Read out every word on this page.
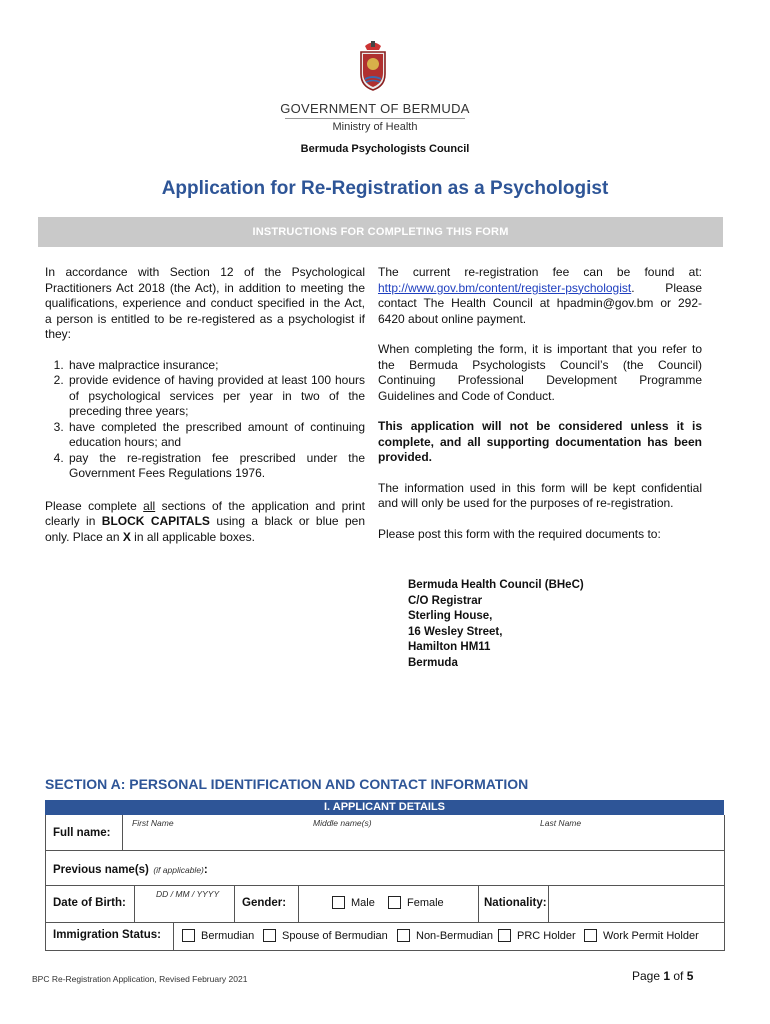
GOVERNMENT OF BERMUDA
Ministry of Health
Bermuda Psychologists Council
Application for Re-Registration as a Psychologist
INSTRUCTIONS FOR COMPLETING THIS FORM

In accordance with Section 12 of the Psychological Practitioners Act 2018 (the Act), in addition to meeting the qualifications, experience and conduct specified in the Act, a person is entitled to be re-registered as a psychologist if they:

1. have malpractice insurance;
2. provide evidence of having provided at least 100 hours of psychological services per year in two of the preceding three years;
3. have completed the prescribed amount of continuing education hours; and
4. pay the re-registration fee prescribed under the Government Fees Regulations 1976.

Please complete all sections of the application and print clearly in BLOCK CAPITALS using a black or blue pen only. Place an X in all applicable boxes.

The current re-registration fee can be found at: http://www.gov.bm/content/register-psychologist. Please contact The Health Council at hpadmin@gov.bm or 292-6420 about online payment.

When completing the form, it is important that you refer to the Bermuda Psychologists Council’s (the Council) Continuing Professional Development Programme Guidelines and Code of Conduct.

This application will not be considered unless it is complete, and all supporting documentation has been provided.

The information used in this form will be kept confidential and will only be used for the purposes of re-registration.

Please post this form with the required documents to:

Bermuda Health Council (BHeC)
C/O Registrar
Sterling House,
16 Wesley Street,
Hamilton HM11
Bermuda
SECTION A: PERSONAL IDENTIFICATION AND CONTACT INFORMATION
I. APPLICANT DETAILS
Full name:
First Name	Middle name(s)	Last Name
Previous name(s) (if applicable):
Date of Birth:
DD / MM / YYYY
Gender:	Male	Female	Nationality:
Immigration Status:	Bermudian	Spouse of Bermudian	Non-Bermudian PRC Holder Work Permit Holder
BPC Re-Registration Application, Revised February 2021	Page 1 of 5
